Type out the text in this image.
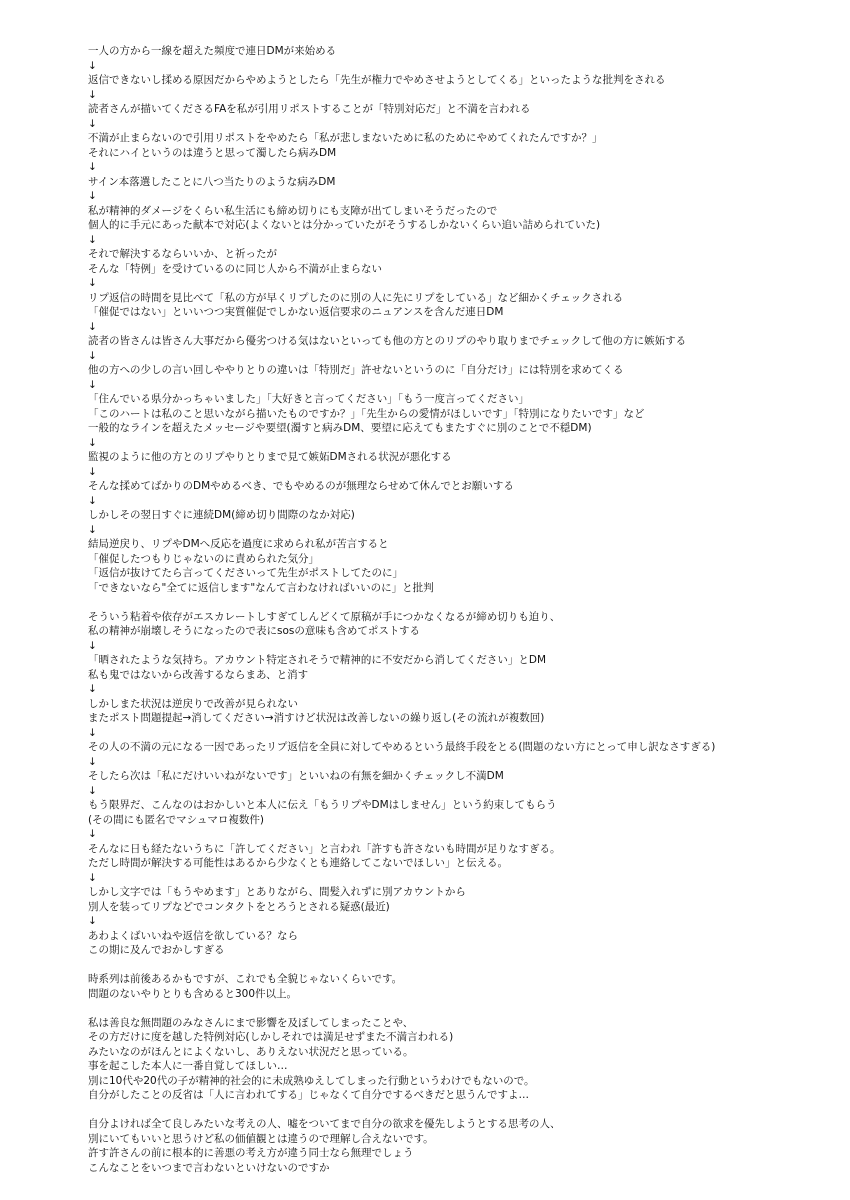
一人の方から一線を超えた頻度で連日DMが来始める
↓
返信できないし揉める原因だからやめようとしたら「先生が権力でやめさせようとしてくる」といったような批判をされる
↓
読者さんが描いてくださるFAを私が引用リポストすることが「特別対応だ」と不満を言われる
↓
不満が止まらないので引用リポストをやめたら「私が悲しまないために私のためにやめてくれたんですか？」
それにハイというのは違うと思って濁したら病みDM
↓
サイン本落選したことに八つ当たりのような病みDM
↓
私が精神的ダメージをくらい私生活にも締め切りにも支障が出てしまいそうだったので
個人的に手元にあった献本で対応(よくないとは分かっていたがそうするしかないくらい追い詰められていた)
↓
それで解決するならいいか、と祈ったが
そんな「特例」を受けているのに同じ人から不満が止まらない
↓
リプ返信の時間を見比べて「私の方が早くリプしたのに別の人に先にリプをしている」など細かくチェックされる
「催促ではない」といいつつ実質催促でしかない返信要求のニュアンスを含んだ連日DM
↓
読者の皆さんは皆さん大事だから優劣つける気はないといっても他の方とのリプのやり取りまでチェックして他の方に嫉妬する
↓
他の方への少しの言い回しややりとりの違いは「特別だ」許せないというのに「自分だけ」には特別を求めてくる
↓
「住んでいる県分かっちゃいました」「大好きと言ってください」「もう一度言ってください」
「このハートは私のこと思いながら描いたものですか？」「先生からの愛情がほしいです」「特別になりたいです」など
一般的なラインを超えたメッセージや要望(濁すと病みDM、要望に応えてもまたすぐに別のことで不穏DM)
↓
監視のように他の方とのリプやりとりまで見て嫉妬DMされる状況が悪化する
↓
そんな揉めてばかりのDMやめるべき、でもやめるのが無理ならせめて休んでとお願いする
↓
しかしその翌日すぐに連続DM(締め切り間際のなか対応)
↓
結局逆戻り、リプやDMへ反応を過度に求められ私が苦言すると
「催促したつもりじゃないのに責められた気分」
「返信が抜けてたら言ってくださいって先生がポストしてたのに」
「できないなら"全てに返信します"なんて言わなければいいのに」と批判
そういう粘着や依存がエスカレートしすぎてしんどくて原稿が手につかなくなるが締め切りも迫り、
私の精神が崩壊しそうになったので表にsosの意味も含めてポストする
↓
「晒されたような気持ち。アカウント特定されそうで精神的に不安だから消してください」とDM
私も鬼ではないから改善するならまあ、と消す
↓
しかしまた状況は逆戻りで改善が見られない
またポスト問題提起→消してください→消すけど状況は改善しないの繰り返し(その流れが複数回)
↓
その人の不満の元になる一因であったリプ返信を全員に対してやめるという最終手段をとる(問題のない方にとって申し訳なさすぎる)
↓
そしたら次は「私にだけいいねがないです」といいねの有無を細かくチェックし不満DM
↓
もう限界だ、こんなのはおかしいと本人に伝え「もうリプやDMはしません」という約束してもらう
(その間にも匿名でマシュマロ複数件)
↓
そんなに日も経たないうちに「許してください」と言われ「許すも許さないも時間が足りなすぎる。
ただし時間が解決する可能性はあるから少なくとも連絡してこないでほしい」と伝える。
↓
しかし文字では「もうやめます」とありながら、間髪入れずに別アカウントから
別人を装ってリプなどでコンタクトをとろうとされる疑惑(最近)
↓
あわよくばいいねや返信を欲している？なら
この期に及んでおかしすぎる
時系列は前後あるかもですが、これでも全貌じゃないくらいです。
問題のないやりとりも含めると300件以上。
私は善良な無問題のみなさんにまで影響を及ぼしてしまったことや、
その方だけに度を越した特例対応(しかしそれでは満足せずまた不満言われる)
みたいなのがほんとによくないし、ありえない状況だと思っている。
事を起こした本人に一番自覚してほしい…
別に10代や20代の子が精神的社会的に未成熟ゆえしてしまった行動というわけでもないので。
自分がしたことの反省は「人に言われてする」じゃなくて自分でするべきだと思うんですよ…
自分よければ全て良しみたいな考えの人、嘘をついてまで自分の欲求を優先しようとする思考の人、
別にいてもいいと思うけど私の価値観とは違うので理解し合えないです。
許す許さんの前に根本的に善悪の考え方が違う同士なら無理でしょう
こんなことをいつまで言わないといけないのですか
